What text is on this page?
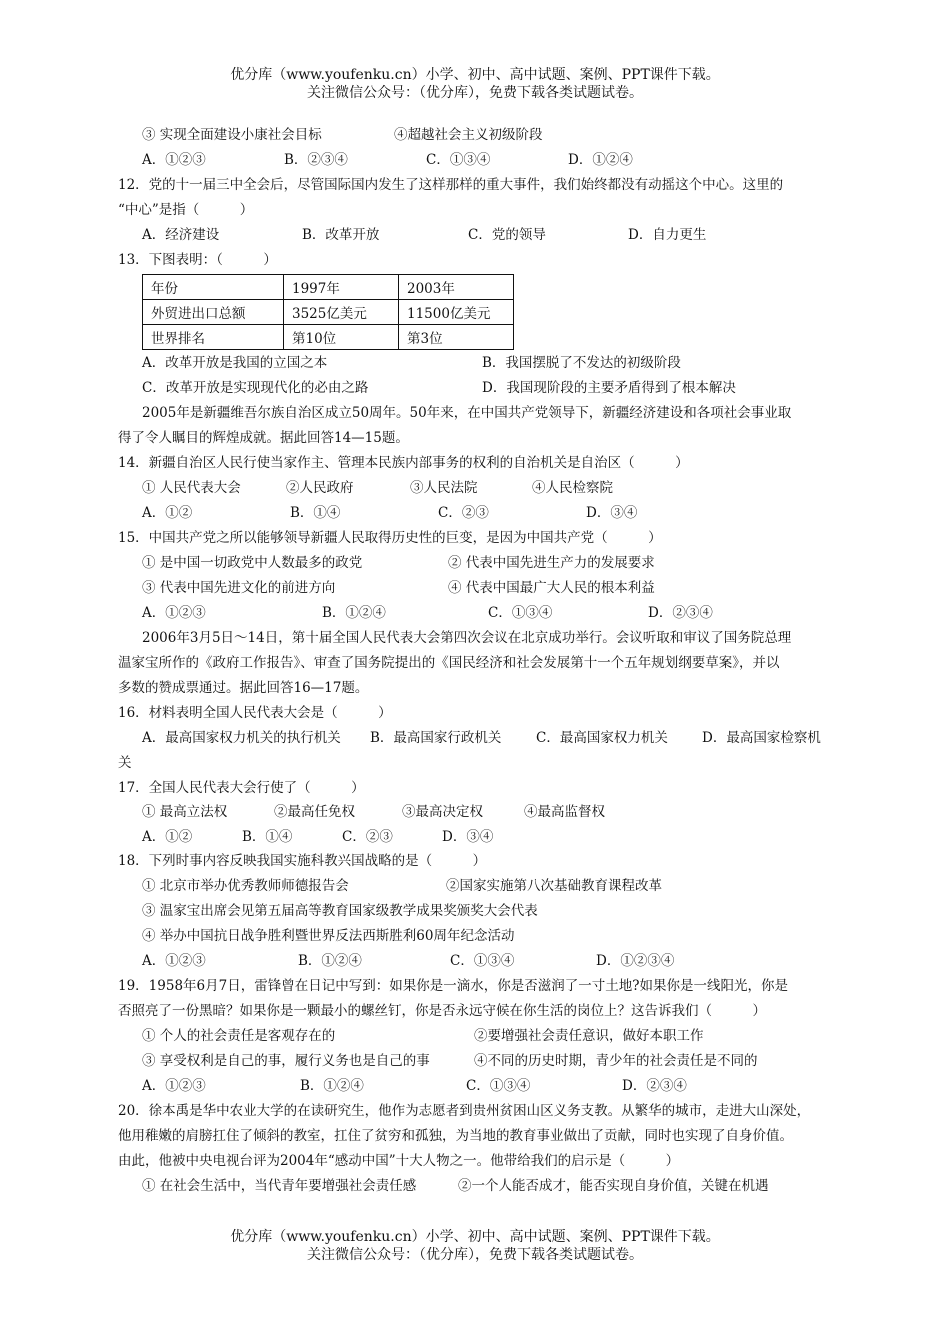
优分库（www.youfenku.cn）小学、初中、高中试题、案例、PPT课件下载。
关注微信公众号：（优分库），免费下载各类试题试卷。
③ 实现全面建设小康社会目标	④超越社会主义初级阶段
A．①②③	B．②③④	C．①③④	D．①②④
12．党的十一届三中全会后，尽管国际国内发生了这样那样的重大事件，我们始终都没有动摇这个中心。这里的
“中心”是指（　　　）
A．经济建设	B．改革开放	C．党的领导	D．自力更生
13．下图表明：（　　　）
年份	1997年	2003年
外贸进出口总额	3525亿美元	11500亿美元
世界排名	第10位	第3位
A．改革开放是我国的立国之本	B．我国摆脱了不发达的初级阶段
C．改革开放是实现现代化的必由之路	D．我国现阶段的主要矛盾得到了根本解决
2005年是新疆维吾尔族自治区成立50周年。50年来，在中国共产党领导下，新疆经济建设和各项社会事业取
得了令人瞩目的辉煌成就。据此回答14—15题。
14．新疆自治区人民行使当家作主、管理本民族内部事务的权利的自治机关是自治区（　　　）
① 人民代表大会	②人民政府	③人民法院	④人民检察院
A．①②	B．①④	C．②③	D．③④
15．中国共产党之所以能够领导新疆人民取得历史性的巨变，是因为中国共产党（　　　）
① 是中国一切政党中人数最多的政党	② 代表中国先进生产力的发展要求
③ 代表中国先进文化的前进方向	④ 代表中国最广大人民的根本利益
A．①②③	B．①②④	C．①③④	D．②③④
2006年3月5日～14日，第十届全国人民代表大会第四次会议在北京成功举行。会议听取和审议了国务院总理
温家宝所作的《政府工作报告》、审查了国务院提出的《国民经济和社会发展第十一个五年规划纲要草案》，并以
多数的赞成票通过。据此回答16—17题。
16．材料表明全国人民代表大会是（　　　）
A．最高国家权力机关的执行机关 B．最高国家行政机关	C．最高国家权力机关	D．最高国家检察机
关
17．全国人民代表大会行使了（　　　）
① 最高立法权	②最高任免权	③最高决定权	④最高监督权
A．①②	B．①④	C．②③	D．③④
18．下列时事内容反映我国实施科教兴国战略的是（　　　）
① 北京市举办优秀教师师德报告会	②国家实施第八次基础教育课程改革
③ 温家宝出席会见第五届高等教育国家级教学成果奖颁奖大会代表
④ 举办中国抗日战争胜利暨世界反法西斯胜利60周年纪念活动
A．①②③	B．①②④	C．①③④	D．①②③④
19．1958年6月7日，雷锋曾在日记中写到：如果你是一滴水，你是否滋润了一寸土地?如果你是一线阳光，你是
否照亮了一份黑暗？如果你是一颗最小的螺丝钉，你是否永远守候在你生活的岗位上？这告诉我们（　　　）
① 个人的社会责任是客观存在的	②要增强社会责任意识，做好本职工作
③ 享受权利是自己的事，履行义务也是自己的事	④不同的历史时期，青少年的社会责任是不同的
A．①②③	B．①②④	C．①③④	D．②③④
20．徐本禹是华中农业大学的在读研究生，他作为志愿者到贵州贫困山区义务支教。从繁华的城市，走进大山深处，
他用稚嫩的肩膀扛住了倾斜的教室，扛住了贫穷和孤独，为当地的教育事业做出了贡献，同时也实现了自身价值。
由此，他被中央电视台评为2004年“感动中国”十大人物之一。他带给我们的启示是（　　　）
① 在社会生活中，当代青年要增强社会责任感	②一个人能否成才，能否实现自身价值，关键在机遇
优分库（www.youfenku.cn）小学、初中、高中试题、案例、PPT课件下载。
关注微信公众号：（优分库），免费下载各类试题试卷。
